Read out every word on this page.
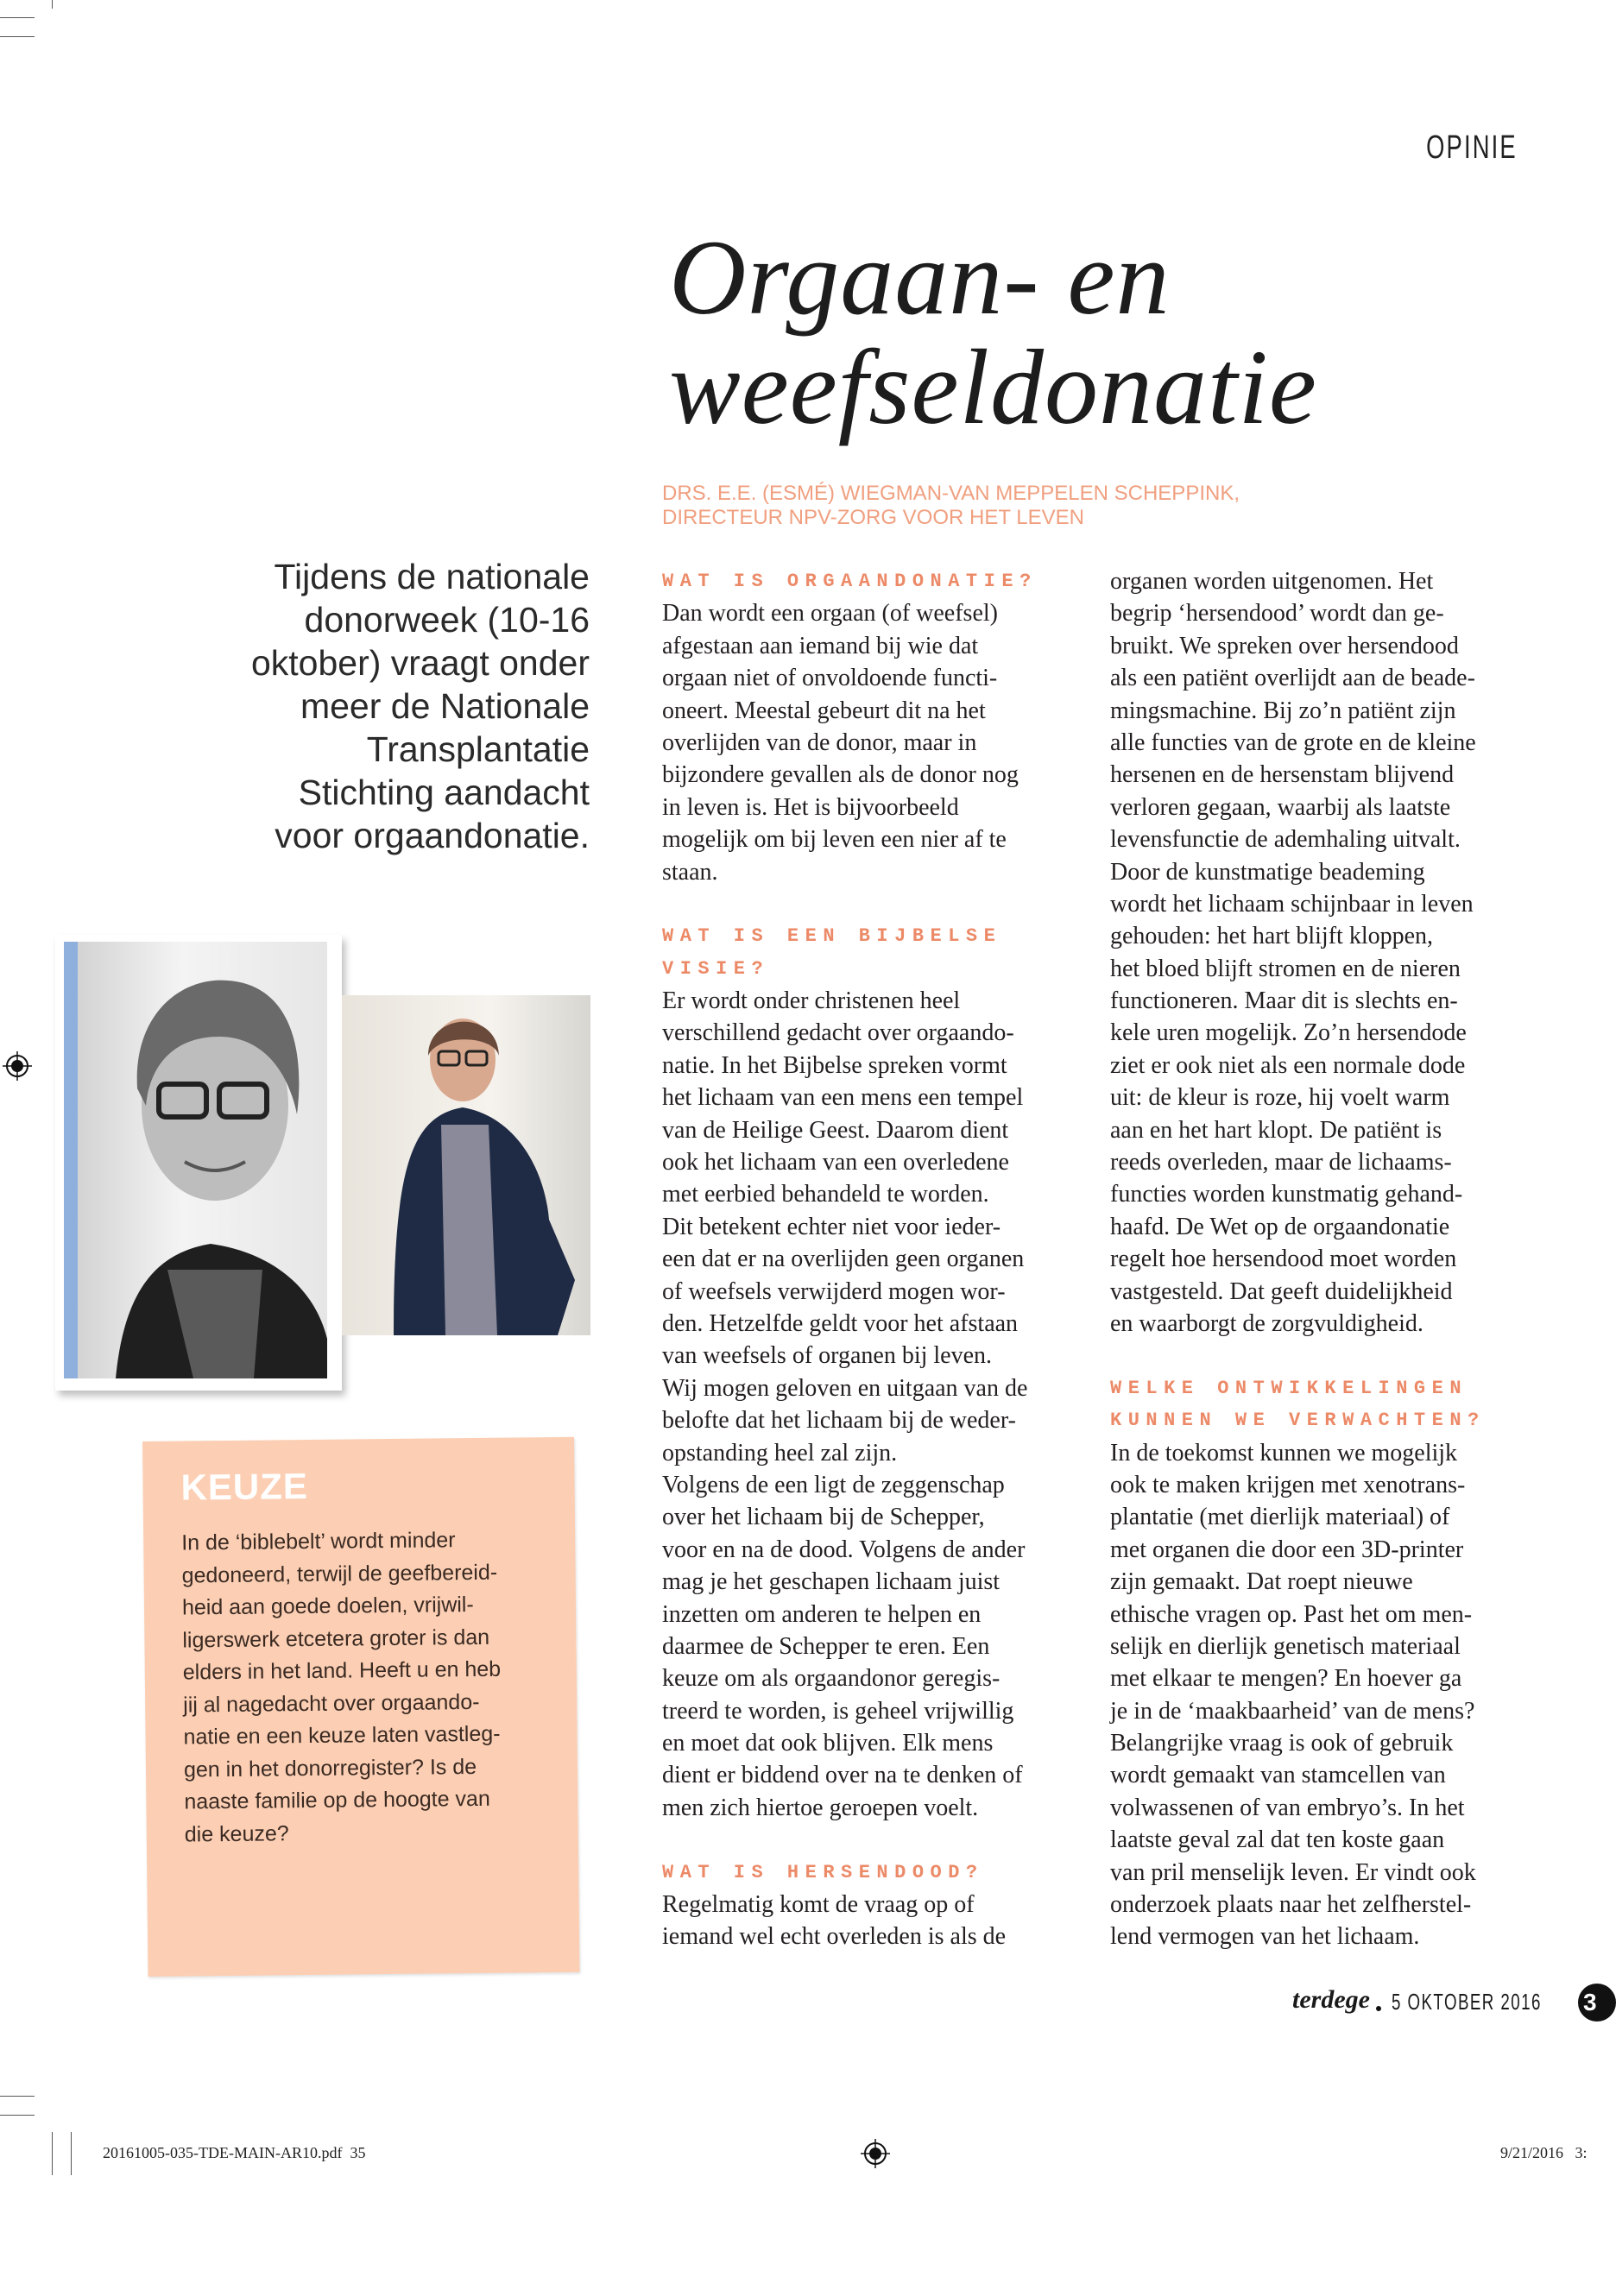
OPINIE
Orgaan- en
weefseldonatie
DRS. E.E. (ESMÉ) WIEGMAN-VAN MEPPELEN SCHEPPINK,
DIRECTEUR NPV-ZORG VOOR HET LEVEN
Tijdens de nationale
donorweek (10-16
oktober) vraagt onder
meer de Nationale
Transplantatie
Stichting aandacht
voor orgaandonatie.
KEUZE
In de ‘biblebelt’ wordt minder
gedoneerd, terwijl de geefbereid-
heid aan goede doelen, vrijwil-
ligerswerk etcetera groter is dan
elders in het land. Heeft u en heb
jij al nagedacht over orgaando-
natie en een keuze laten vastleg-
gen in het donorregister? Is de
naaste familie op de hoogte van
die keuze?
WAT IS ORGAANDONATIE?
Dan wordt een orgaan (of weefsel)
afgestaan aan iemand bij wie dat
orgaan niet of onvoldoende functi-
oneert. Meestal gebeurt dit na het
overlijden van de donor, maar in
bijzondere gevallen als de donor nog
in leven is. Het is bijvoorbeeld
mogelijk om bij leven een nier af te
staan.
WAT IS EEN BIJBELSE
VISIE?
Er wordt onder christenen heel
verschillend gedacht over orgaando-
natie. In het Bijbelse spreken vormt
het lichaam van een mens een tempel
van de Heilige Geest. Daarom dient
ook het lichaam van een overledene
met eerbied behandeld te worden.
Dit betekent echter niet voor ieder-
een dat er na overlijden geen organen
of weefsels verwijderd mogen wor-
den. Hetzelfde geldt voor het afstaan
van weefsels of organen bij leven.
Wij mogen geloven en uitgaan van de
belofte dat het lichaam bij de weder-
opstanding heel zal zijn.
Volgens de een ligt de zeggenschap
over het lichaam bij de Schepper,
voor en na de dood. Volgens de ander
mag je het geschapen lichaam juist
inzetten om anderen te helpen en
daarmee de Schepper te eren. Een
keuze om als orgaandonor geregis-
treerd te worden, is geheel vrijwillig
en moet dat ook blijven. Elk mens
dient er biddend over na te denken of
men zich hiertoe geroepen voelt.
WAT IS HERSENDOOD?
Regelmatig komt de vraag op of
iemand wel echt overleden is als de
organen worden uitgenomen. Het
begrip ‘hersendood’ wordt dan ge-
bruikt. We spreken over hersendood
als een patiënt overlijdt aan de beade-
mingsmachine. Bij zo’n patiënt zijn
alle functies van de grote en de kleine
hersenen en de hersenstam blijvend
verloren gegaan, waarbij als laatste
levensfunctie de ademhaling uitvalt.
Door de kunstmatige beademing
wordt het lichaam schijnbaar in leven
gehouden: het hart blijft kloppen,
het bloed blijft stromen en de nieren
functioneren. Maar dit is slechts en-
kele uren mogelijk. Zo’n hersendode
ziet er ook niet als een normale dode
uit: de kleur is roze, hij voelt warm
aan en het hart klopt. De patiënt is
reeds overleden, maar de lichaams-
functies worden kunstmatig gehand-
haafd. De Wet op de orgaandonatie
regelt hoe hersendood moet worden
vastgesteld. Dat geeft duidelijkheid
en waarborgt de zorgvuldigheid.
WELKE ONTWIKKELINGEN
KUNNEN WE VERWACHTEN?
In de toekomst kunnen we mogelijk
ook te maken krijgen met xenotrans-
plantatie (met dierlijk materiaal) of
met organen die door een 3D-printer
zijn gemaakt. Dat roept nieuwe
ethische vragen op. Past het om men-
selijk en dierlijk genetisch materiaal
met elkaar te mengen? En hoever ga
je in de ‘maakbaarheid’ van de mens?
Belangrijke vraag is ook of gebruik
wordt gemaakt van stamcellen van
volwassenen of van embryo’s. In het
laatste geval zal dat ten koste gaan
van pril menselijk leven. Er vindt ook
onderzoek plaats naar het zelfherstel-
lend vermogen van het lichaam.
terdege 5 OKTOBER 2016 3
20161005-035-TDE-MAIN-AR10.pdf 35	9/21/2016 3:
